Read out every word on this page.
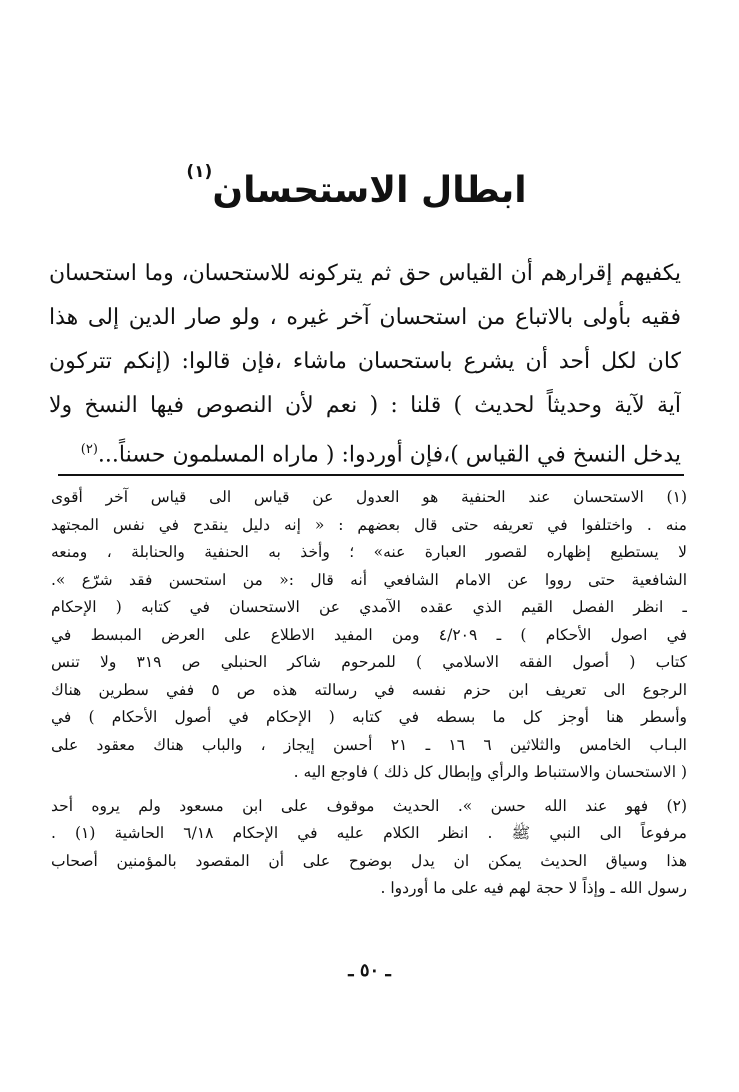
ابطال الاستحسان
(١)
يكفيهم إقرارهم أن القياس حق ثم يتركونه للاستحسان، وما استحسان
فقيه بأولى بالاتباع من استحسان آخر غيره ، ولو صار الدين إلى هذا
كان لكل أحد أن يشرع باستحسان ماشاء ،فإن قالوا: (إنكم تتركون
آية لآية وحديثاً لحديث ) قلنا : ( نعم لأن النصوص فيها النسخ ولا
يدخل النسخ في القياس )،فإن أوردوا: ( ماراه المسلمون حسناً...$^{(٢)}$
(١) الاستحسان عند الحنفية هو العدول عن قياس الى قياس آخر أقوى
منه . واختلفوا في تعريفه حتى قال بعضهم : « إنه دليل ينقدح في نفس المجتهد
لا يستطيع إظهاره لقصور العبارة عنه» ؛ وأخذ به الحنفية والحنابلة ، ومنعه
الشافعية حتى رووا عن الامام الشافعي أنه قال :« من استحسن فقد شرّع ».
ـ انظر الفصل القيم الذي عقده الآمدي عن الاستحسان في كتابه ( الإحكام
في اصول الأحكام ) ـ ٤/٢٠٩ ومن المفيد الاطلاع على العرض المبسط في
كتاب ( أصول الفقه الاسلامي ) للمرحوم شاكر الحنبلي ص ٣١٩ ولا تنس
الرجوع الى تعريف ابن حزم نفسه في رسالته هذه ص ٥ ففي سطرين هناك
وأسطر هنا أوجز كل ما بسطه في كتابه ( الإحكام في أصول الأحكام ) في
البـاب الخامس والثلاثين ٦ ١٦ ـ ٢١ أحسن إيجاز ، والباب هناك معقود على
( الاستحسان والاستنباط والرأي وإبطال كل ذلك ) فاوجع اليه .
(٢) فهو عند الله حسن ». الحديث موقوف على ابن مسعود ولم يروه أحد
مرفوعاً الى النبي ﷺ . انظر الكلام عليه في الإحكام ٦/١٨ الحاشية (١) .
هذا وسياق الحديث يمكن ان يدل بوضوح على أن المقصود بالمؤمنين أصحاب
رسول الله ـ وإذاً لا حجة لهم فيه على ما أوردوا .
ـ ٥٠ ـ
